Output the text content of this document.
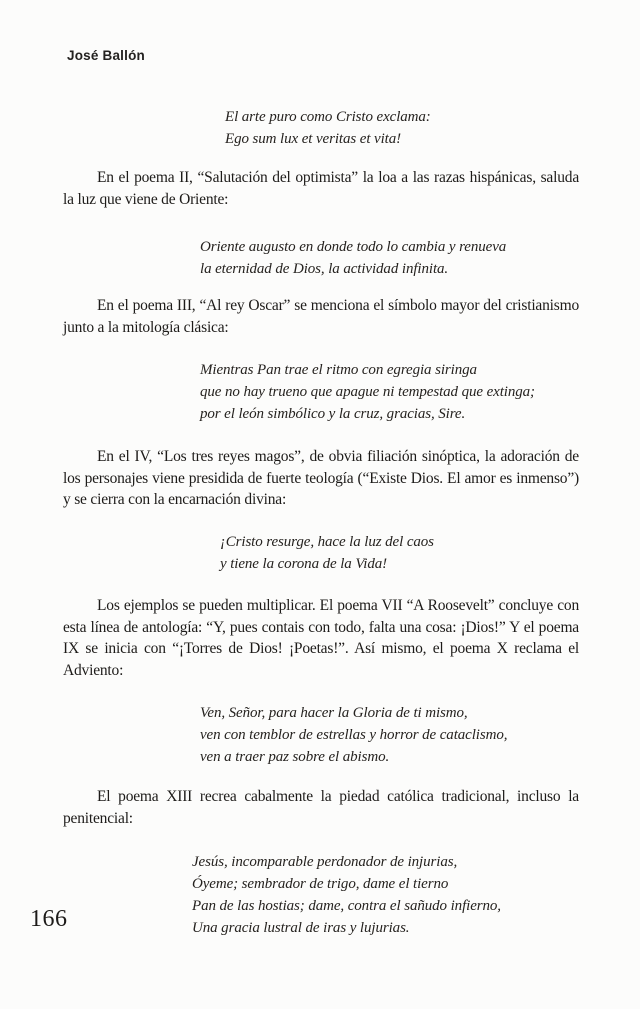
José Ballón
El arte puro como Cristo exclama:
Ego sum lux et veritas et vita!

En el poema II, “Salutación del optimista” la loa a las razas hispánicas, saluda la luz que viene de Oriente:

Oriente augusto en donde todo lo cambia y renueva
la eternidad de Dios, la actividad infinita.

En el poema III, “Al rey Oscar” se menciona el símbolo mayor del cristianismo junto a la mitología clásica:

Mientras Pan trae el ritmo con egregia siringa
que no hay trueno que apague ni tempestad que extinga;
por el león simbólico y la cruz, gracias, Sire.

En el IV, “Los tres reyes magos”, de obvia filiación sinóptica, la adoración de los personajes viene presidida de fuerte teología (“Existe Dios. El amor es inmenso”) y se cierra con la encarnación divina:

¡Cristo resurge, hace la luz del caos
y tiene la corona de la Vida!

Los ejemplos se pueden multiplicar. El poema VII “A Roosevelt” concluye con esta línea de antología: “Y, pues contais con todo, falta una cosa: ¡Dios!” Y el poema IX se inicia con “¡Torres de Dios! ¡Poetas!”. Así mismo, el poema X reclama el Adviento:

Ven, Señor, para hacer la Gloria de ti mismo,
ven con temblor de estrellas y horror de cataclismo,
ven a traer paz sobre el abismo.

El poema XIII recrea cabalmente la piedad católica tradicional, incluso la penitencial:

Jesús, incomparable perdonador de injurias,
Óyeme; sembrador de trigo, dame el tierno
Pan de las hostias; dame, contra el sañudo infierno,
Una gracia lustral de iras y lujurias.
166
